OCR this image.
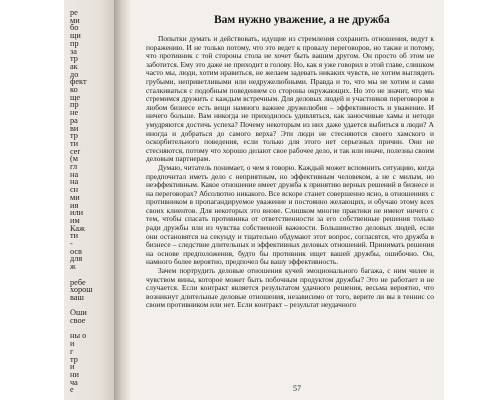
ре
ми
бо
щи
пр
за
тр
ак
до
фект
ко
ще
пр
не
ра
ви
тр
ти
cer
(м
гл
на
на
сн
ми
ия
или
им
Каж
ти
-
осв
для
ж
ребе
хорош
ваш
Оши
свое
ны о
и
г
тр
и
ни
ча
е
Вам нужно уважение, а не дружба

Попытки думать и действовать, идущие из стремления сохранить отношения, ведут к поражению. И не только потому, что это ведет к провалу переговоров, но также и потому, что противник с той стороны стола не хочет быть вашим другом. Он просто об этом не заботится. Ему это даже не приходит в голову. Но, как я уже говорил в этой главе, слишком часто мы, люди, хотим нравиться, не желаем задевать никаких чувств, не хотим выглядеть грубыми, неприветливыми или недружелюбными. Правда и то, что мы не хотим и сами сталкиваться с подобным поведением со стороны окружающих. Но это не значит, что мы стремимся дружить с каждым встречным. Для деловых людей и участников переговоров в любом бизнесе есть вещи намного важнее дружелюбия – эффективность и уважение. И ничего больше. Вам никогда не приходилось удивляться, как заносчивые хамы и нетоди умудряются достичь успеха? Почему некоторым из них даже удается выбиться в люди? А иногда и добраться до самого верха? Эти люди не стесняются своего хамского и оскорбительного поведения, если только для этого нет серьезных причин. Они не стесняются, потому что хорошо делают свое рабочее дело, и так или иначе, полезны своим деловым партнерам.

Думаю, читатель понимает, о чем я говорю. Каждый может вспомнить ситуацию, когда предпочитал иметь дело с неприятным, но эффективным человеком, а не с милым, но неэффективным. Какое отношение имеет дружба к принятию верных решений в бизнесе и на переговорах? Абсолютно никакого. Все вскоре станет совершенно ясно, в отношениях с противником в пропагандируемое уважение и постоянно желающих, и обучаю этому всех своих клиентов. Для некоторых это внове. Слишком многие практики не имеют ничего с тем, чтобы спасать противника от ответственности за его собственные решения только ради дружбы или из чувства собственной важности. Большинство деловых людей, если они остановятся на секунду и тщательно обдумают этот вопрос, согласятся, что дружба в бизнесе – следствие длительных и эффективных деловых отношений. Принимать решения на основе предположения, будто бы противник ищет вашей дружбы, ошибочно. Он, намного более вероятно, предпочел бы вашу эффективность.

Зачем портрудить деловые отношения кучей эмоционального багажа, с ним чилее и чувством вины, которое может быть побочным продуктом дружбы? Это не работает и не случается. Если контракт является результатом удачного решения, весьма вероятно, что возникнут длительные деловые отношения, независимо от того, верите ли вы в теннис со своим противником или нет. Если контракт – результат неудачного

57
